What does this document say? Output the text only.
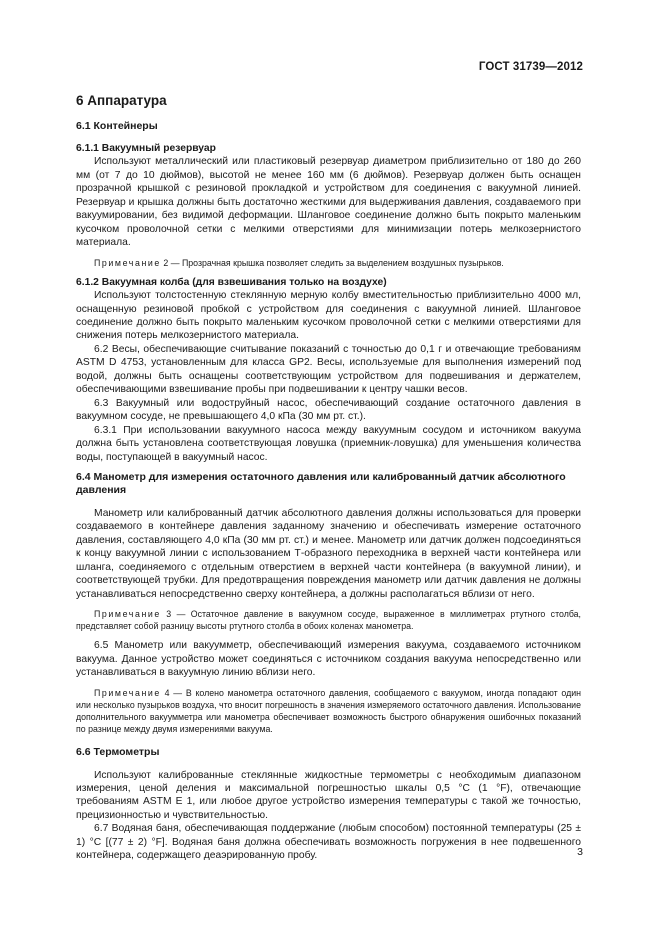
ГОСТ 31739—2012
6 Аппаратура
6.1 Контейнеры
6.1.1 Вакуумный резервуар

Используют металлический или пластиковый резервуар диаметром приблизительно от 180 до 260 мм (от 7 до 10 дюймов), высотой не менее 160 мм (6 дюймов). Резервуар должен быть оснащен прозрачной крышкой с резиновой прокладкой и устройством для соединения с вакуумной линией. Резервуар и крышка должны быть достаточно жесткими для выдерживания давления, создаваемого при вакуумировании, без видимой деформации. Шланговое соединение должно быть покрыто маленьким кусочком проволочной сетки с мелкими отверстиями для минимизации потерь мелкозернистого материала.

Примечание 2 — Прозрачная крышка позволяет следить за выделением воздушных пузырьков.
6.1.2 Вакуумная колба (для взвешивания только на воздухе)

Используют толстостенную стеклянную мерную колбу вместительностью приблизительно 4000 мл, оснащенную резиновой пробкой с устройством для соединения с вакуумной линией. Шланговое соединение должно быть покрыто маленьким кусочком проволочной сетки с мелкими отверстиями для снижения потерь мелкозернистого материала.

6.2 Весы, обеспечивающие считывание показаний с точностью до 0,1 г и отвечающие требованиям ASTM D 4753, установленным для класса GP2. Весы, используемые для выполнения измерений под водой, должны быть оснащены соответствующим устройством для подвешивания и держателем, обеспечивающими взвешивание пробы при подвешивании к центру чашки весов.

6.3 Вакуумный или водоструйный насос, обеспечивающий создание остаточного давления в вакуумном сосуде, не превышающего 4,0 кПа (30 мм рт. ст.).

6.3.1 При использовании вакуумного насоса между вакуумным сосудом и источником вакуума должна быть установлена соответствующая ловушка (приемник-ловушка) для уменьшения количества воды, поступающей в вакуумный насос.

6.4 Манометр для измерения остаточного давления или калиброванный датчик абсолютного давления

Манометр или калиброванный датчик абсолютного давления должны использоваться для проверки создаваемого в контейнере давления заданному значению и обеспечивать измерение остаточного давления, составляющего 4,0 кПа (30 мм рт. ст.) и менее. Манометр или датчик должен подсоединяться к концу вакуумной линии с использованием Т-образного переходника в верхней части контейнера или шланга, соединяемого с отдельным отверстием в верхней части контейнера (в вакуумной линии), и соответствующей трубки. Для предотвращения повреждения манометр или датчик давления не должны устанавливаться непосредственно сверху контейнера, а должны располагаться вблизи от него.

Примечание 3 — Остаточное давление в вакуумном сосуде, выраженное в миллиметрах ртутного столба, представляет собой разницу высоты ртутного столба в обоих коленах манометра.

6.5 Манометр или вакуумметр, обеспечивающий измерения вакуума, создаваемого источником вакуума. Данное устройство может соединяться с источником создания вакуума непосредственно или устанавливаться в вакуумную линию вблизи него.

Примечание 4 — В колено манометра остаточного давления, сообщаемого с вакуумом, иногда попадают один или несколько пузырьков воздуха, что вносит погрешность в значения измеряемого остаточного давления. Использование дополнительного вакуумметра или манометра обеспечивает возможность быстрого обнаружения ошибочных показаний по разнице между двумя измерениями вакуума.
6.6 Термометры

Используют калиброванные стеклянные жидкостные термометры с необходимым диапазоном измерения, ценой деления и максимальной погрешностью шкалы 0,5 °С (1 °F), отвечающие требованиям ASTM E 1, или любое другое устройство измерения температуры с такой же точностью, прецизионностью и чувствительностью.

6.7 Водяная баня, обеспечивающая поддержание (любым способом) постоянной температуры (25 ± 1) °С [(77 ± 2) °F]. Водяная баня должна обеспечивать возможность погружения в нее подвешенного контейнера, содержащего деаэрированную пробу.	3
